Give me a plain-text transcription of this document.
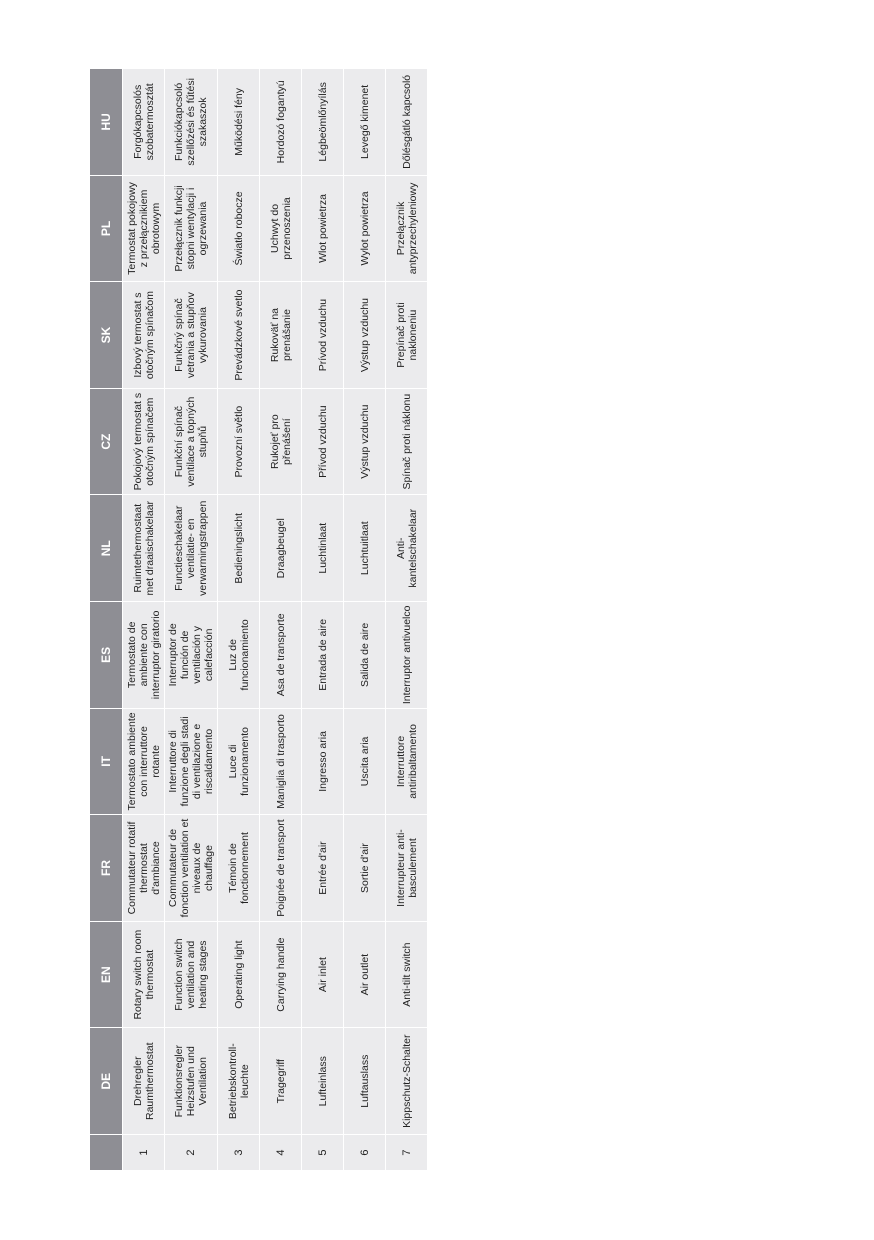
	DE	EN	FR	IT	ES	NL	CZ	SK	PL	HU
1	Drehregler Raumthermostat	Rotary switch room thermostat	Commutateur rotatif thermostat d'ambiance	Termostato ambiente con interruttore rotante	Termostato de ambiente con interruptor giratorio	Ruimtethermostaat met draaischakelaar	Pokojový termostat s otočným spínačem	Izbový termostat s otočným spínačom	Termostat pokojowy z przełącznikiem obrotowym	Forgókapcsolós szobatermosztát
2	Funktionsregler Heizstufen und Ventilation	Function switch ventilation and heating stages	Commutateur de fonction ventilation et niveaux de chauffage	Interruttore di funzione degli stadi di ventilazione e riscaldamento	Interruptor de función de ventilación y calefacción	Functieschakelaar ventilatie- en verwarmingstrappen	Funkční spínač ventilace a topných stupňů	Funkčný spínač vetrania a stupňov vykurovania	Przełącznik funkcji stopni wentylacji i ogrzewania	Funkciókapcsoló szellőzési és fűtési szakaszok
3	Betriebskontroll-leuchte	Operating light	Témoin de fonctionnement	Luce di funzionamento	Luz de funcionamiento	Bedieningslicht	Provozní světlo	Prevádzkové svetlo	Światło robocze	Működési fény
4	Tragegriff	Carrying handle	Poignée de transport	Maniglia di trasporto	Asa de transporte	Draagbeugel	Rukojeť pro přenášení	Rukoväť na prenášanie	Uchwyt do przenoszenia	Hordozó fogantyú
5	Lufteinlass	Air inlet	Entrée d'air	Ingresso aria	Entrada de aire	Luchtinlaat	Přívod vzduchu	Prívod vzduchu	Wlot powietrza	Légbeömlőnyílás
6	Luftauslass	Air outlet	Sortie d'air	Uscita aria	Salida de aire	Luchtuitlaat	Výstup vzduchu	Výstup vzduchu	Wylot powietrza	Levegő kimenet
7	Kippschutz-Schalter	Anti-tilt switch	Interrupteur anti-basculement	Interruttore antiribaltamento	Interruptor antivuelco	Anti-kantelschakelaar	Spínač proti náklonu	Prepínač proti nakloneniu	Przełącznik antyprzechyleniowy	Dőlésgátló kapcsoló
